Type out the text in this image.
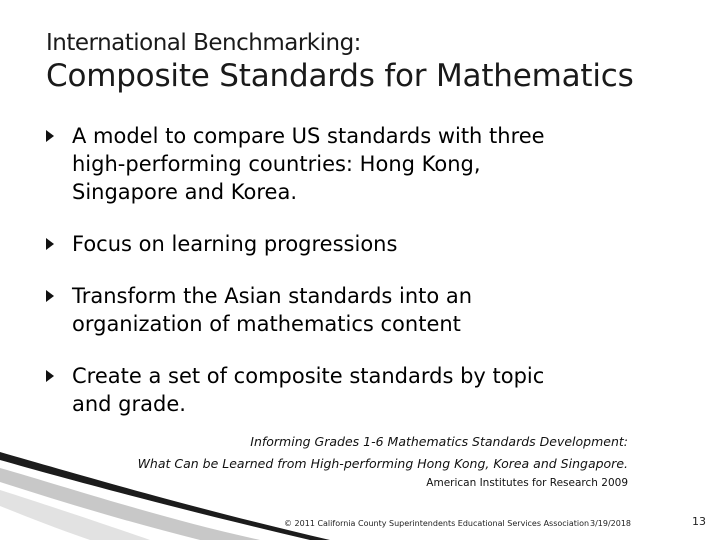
International Benchmarking:
Composite Standards for Mathematics
A model to compare US standards with three
high-performing countries: Hong Kong,
Singapore and Korea.
Focus on learning progressions
Transform the Asian standards into an
organization of mathematics content
Create a set of composite standards by topic
and grade.
Informing Grades 1-6 Mathematics Standards Development:
What Can be Learned from High-performing Hong Kong, Korea and Singapore.
American Institutes for Research 2009
© 2011 California County Superintendents Educational Services Association 3/19/2018	13
